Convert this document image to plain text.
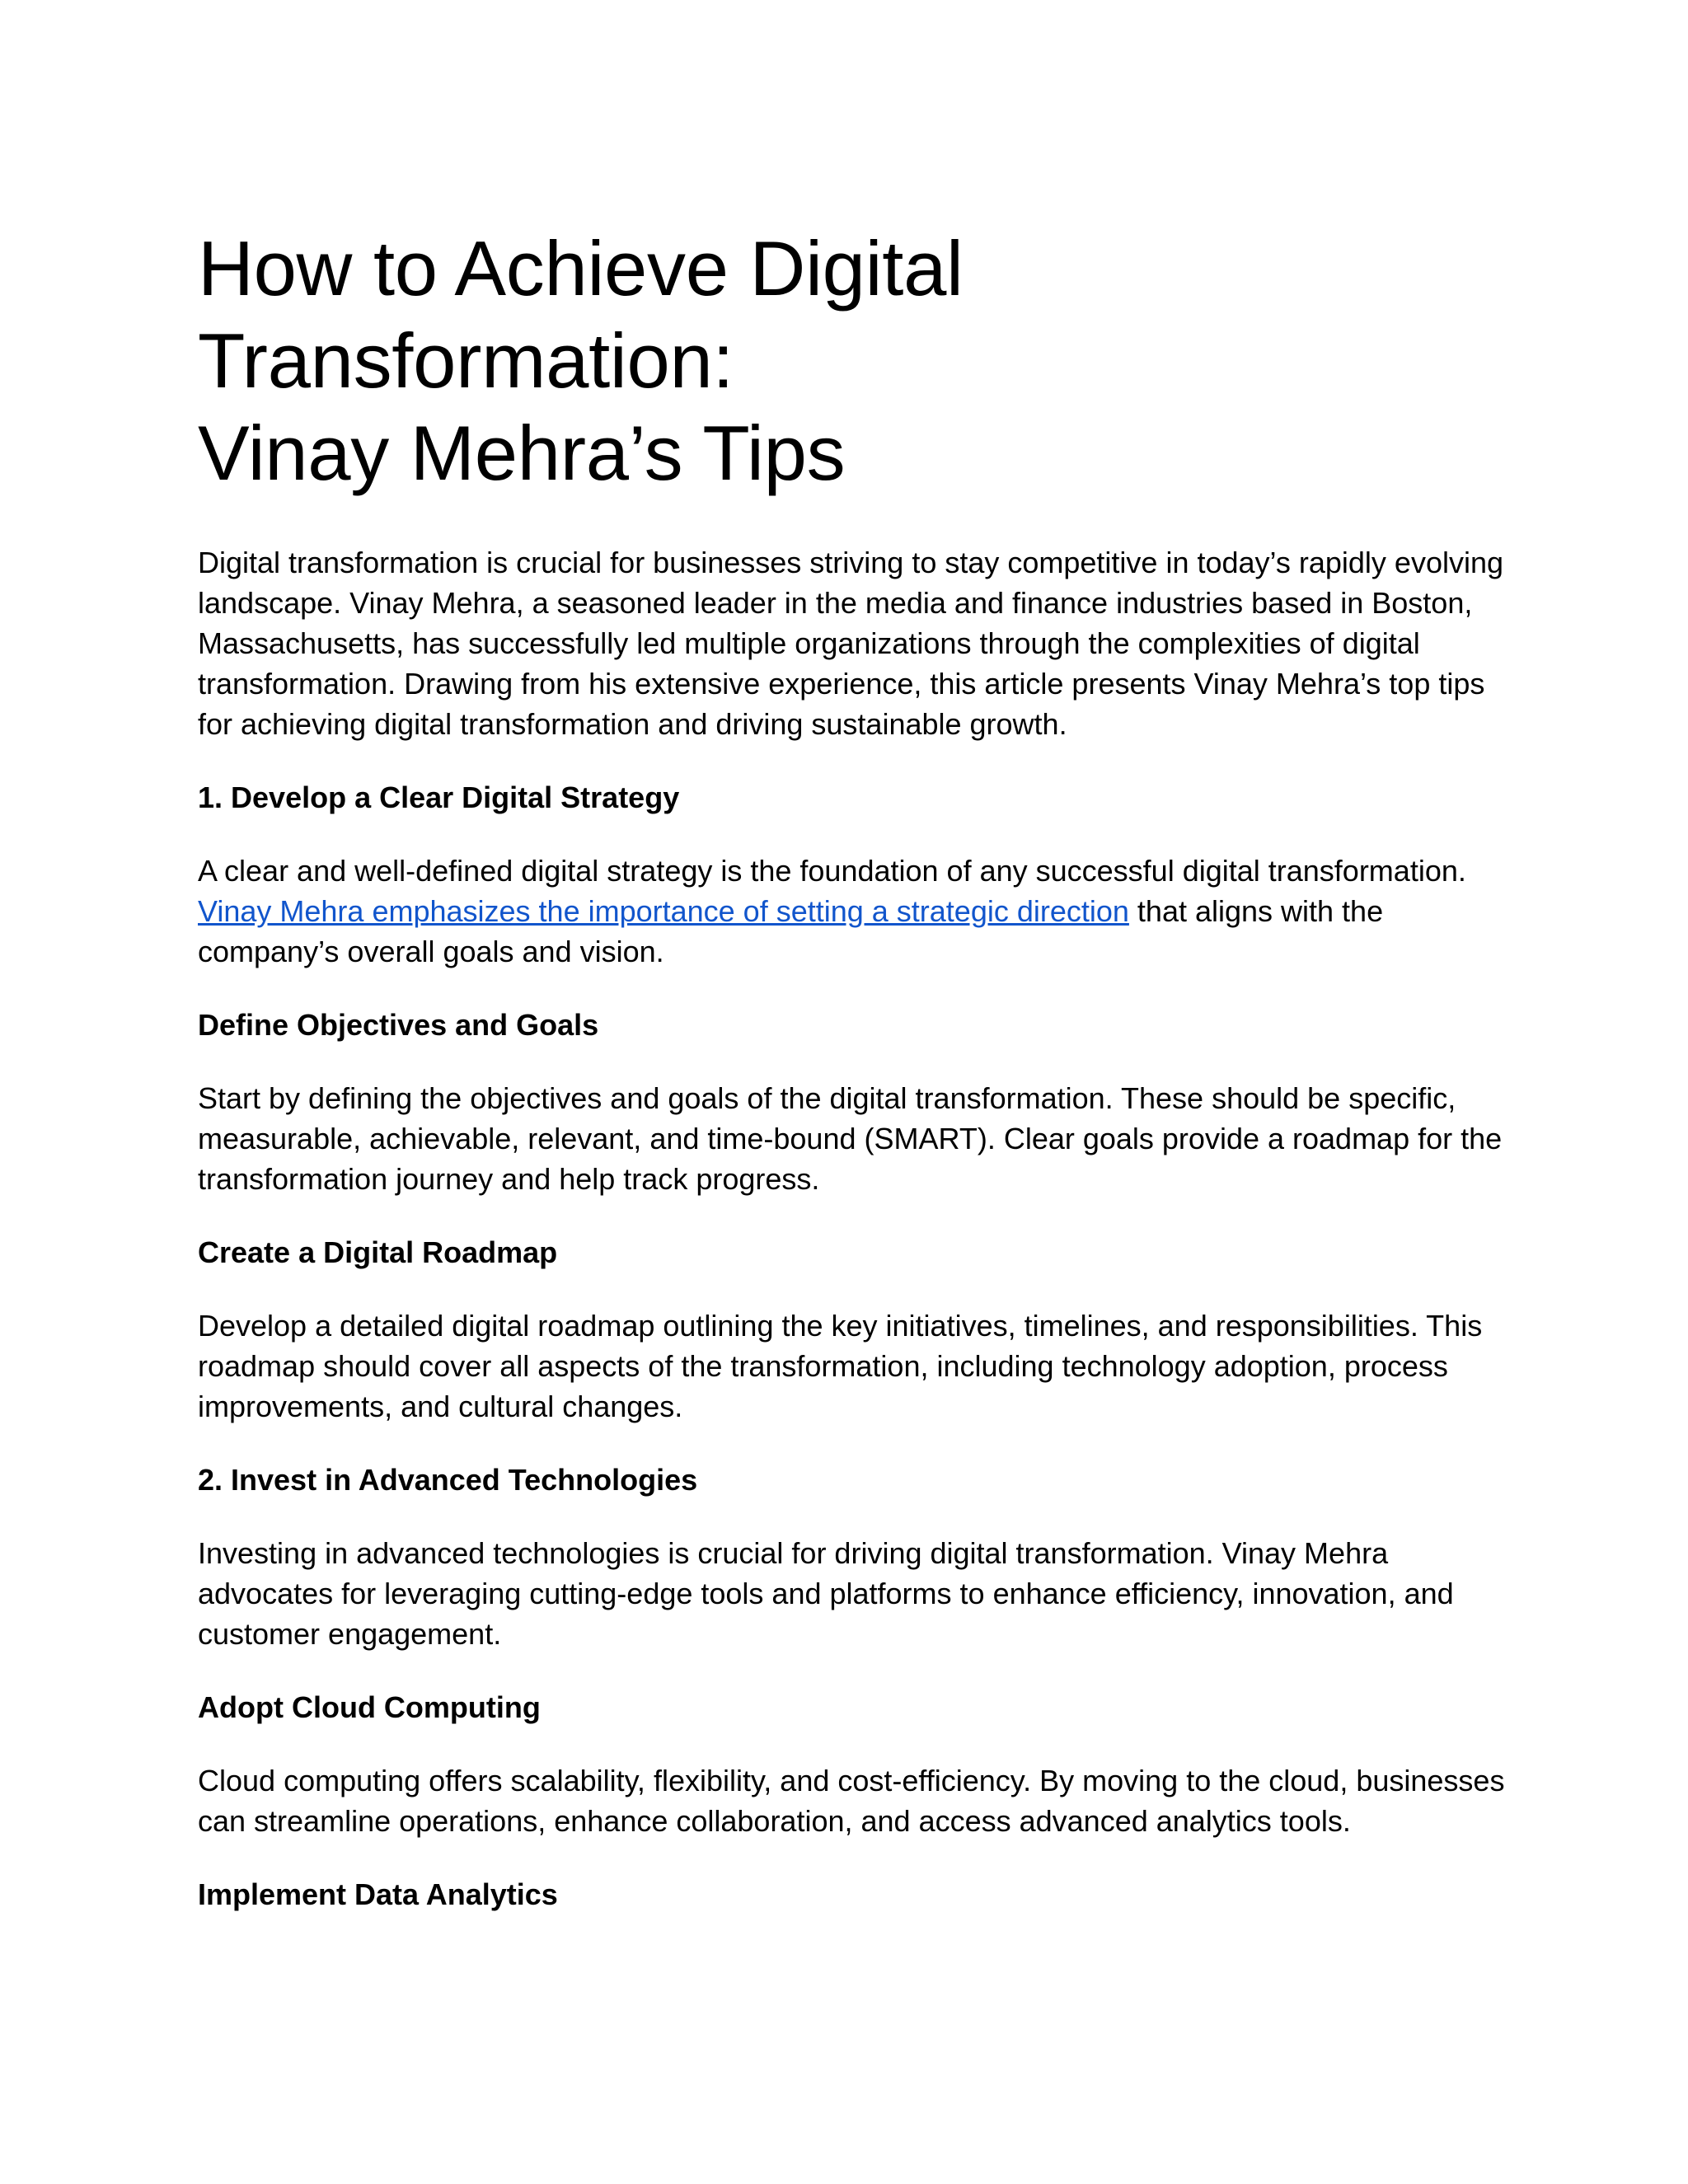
How to Achieve Digital Transformation:
Vinay Mehra’s Tips

Digital transformation is crucial for businesses striving to stay competitive in today’s rapidly evolving landscape. Vinay Mehra, a seasoned leader in the media and finance industries based in Boston, Massachusetts, has successfully led multiple organizations through the complexities of digital transformation. Drawing from his extensive experience, this article presents Vinay Mehra’s top tips for achieving digital transformation and driving sustainable growth.

1. Develop a Clear Digital Strategy

A clear and well-defined digital strategy is the foundation of any successful digital transformation. Vinay Mehra emphasizes the importance of setting a strategic direction that aligns with the company’s overall goals and vision.

Define Objectives and Goals

Start by defining the objectives and goals of the digital transformation. These should be specific, measurable, achievable, relevant, and time-bound (SMART). Clear goals provide a roadmap for the transformation journey and help track progress.

Create a Digital Roadmap

Develop a detailed digital roadmap outlining the key initiatives, timelines, and responsibilities. This roadmap should cover all aspects of the transformation, including technology adoption, process improvements, and cultural changes.

2. Invest in Advanced Technologies

Investing in advanced technologies is crucial for driving digital transformation. Vinay Mehra advocates for leveraging cutting-edge tools and platforms to enhance efficiency, innovation, and customer engagement.

Adopt Cloud Computing

Cloud computing offers scalability, flexibility, and cost-efficiency. By moving to the cloud, businesses can streamline operations, enhance collaboration, and access advanced analytics tools.

Implement Data Analytics
